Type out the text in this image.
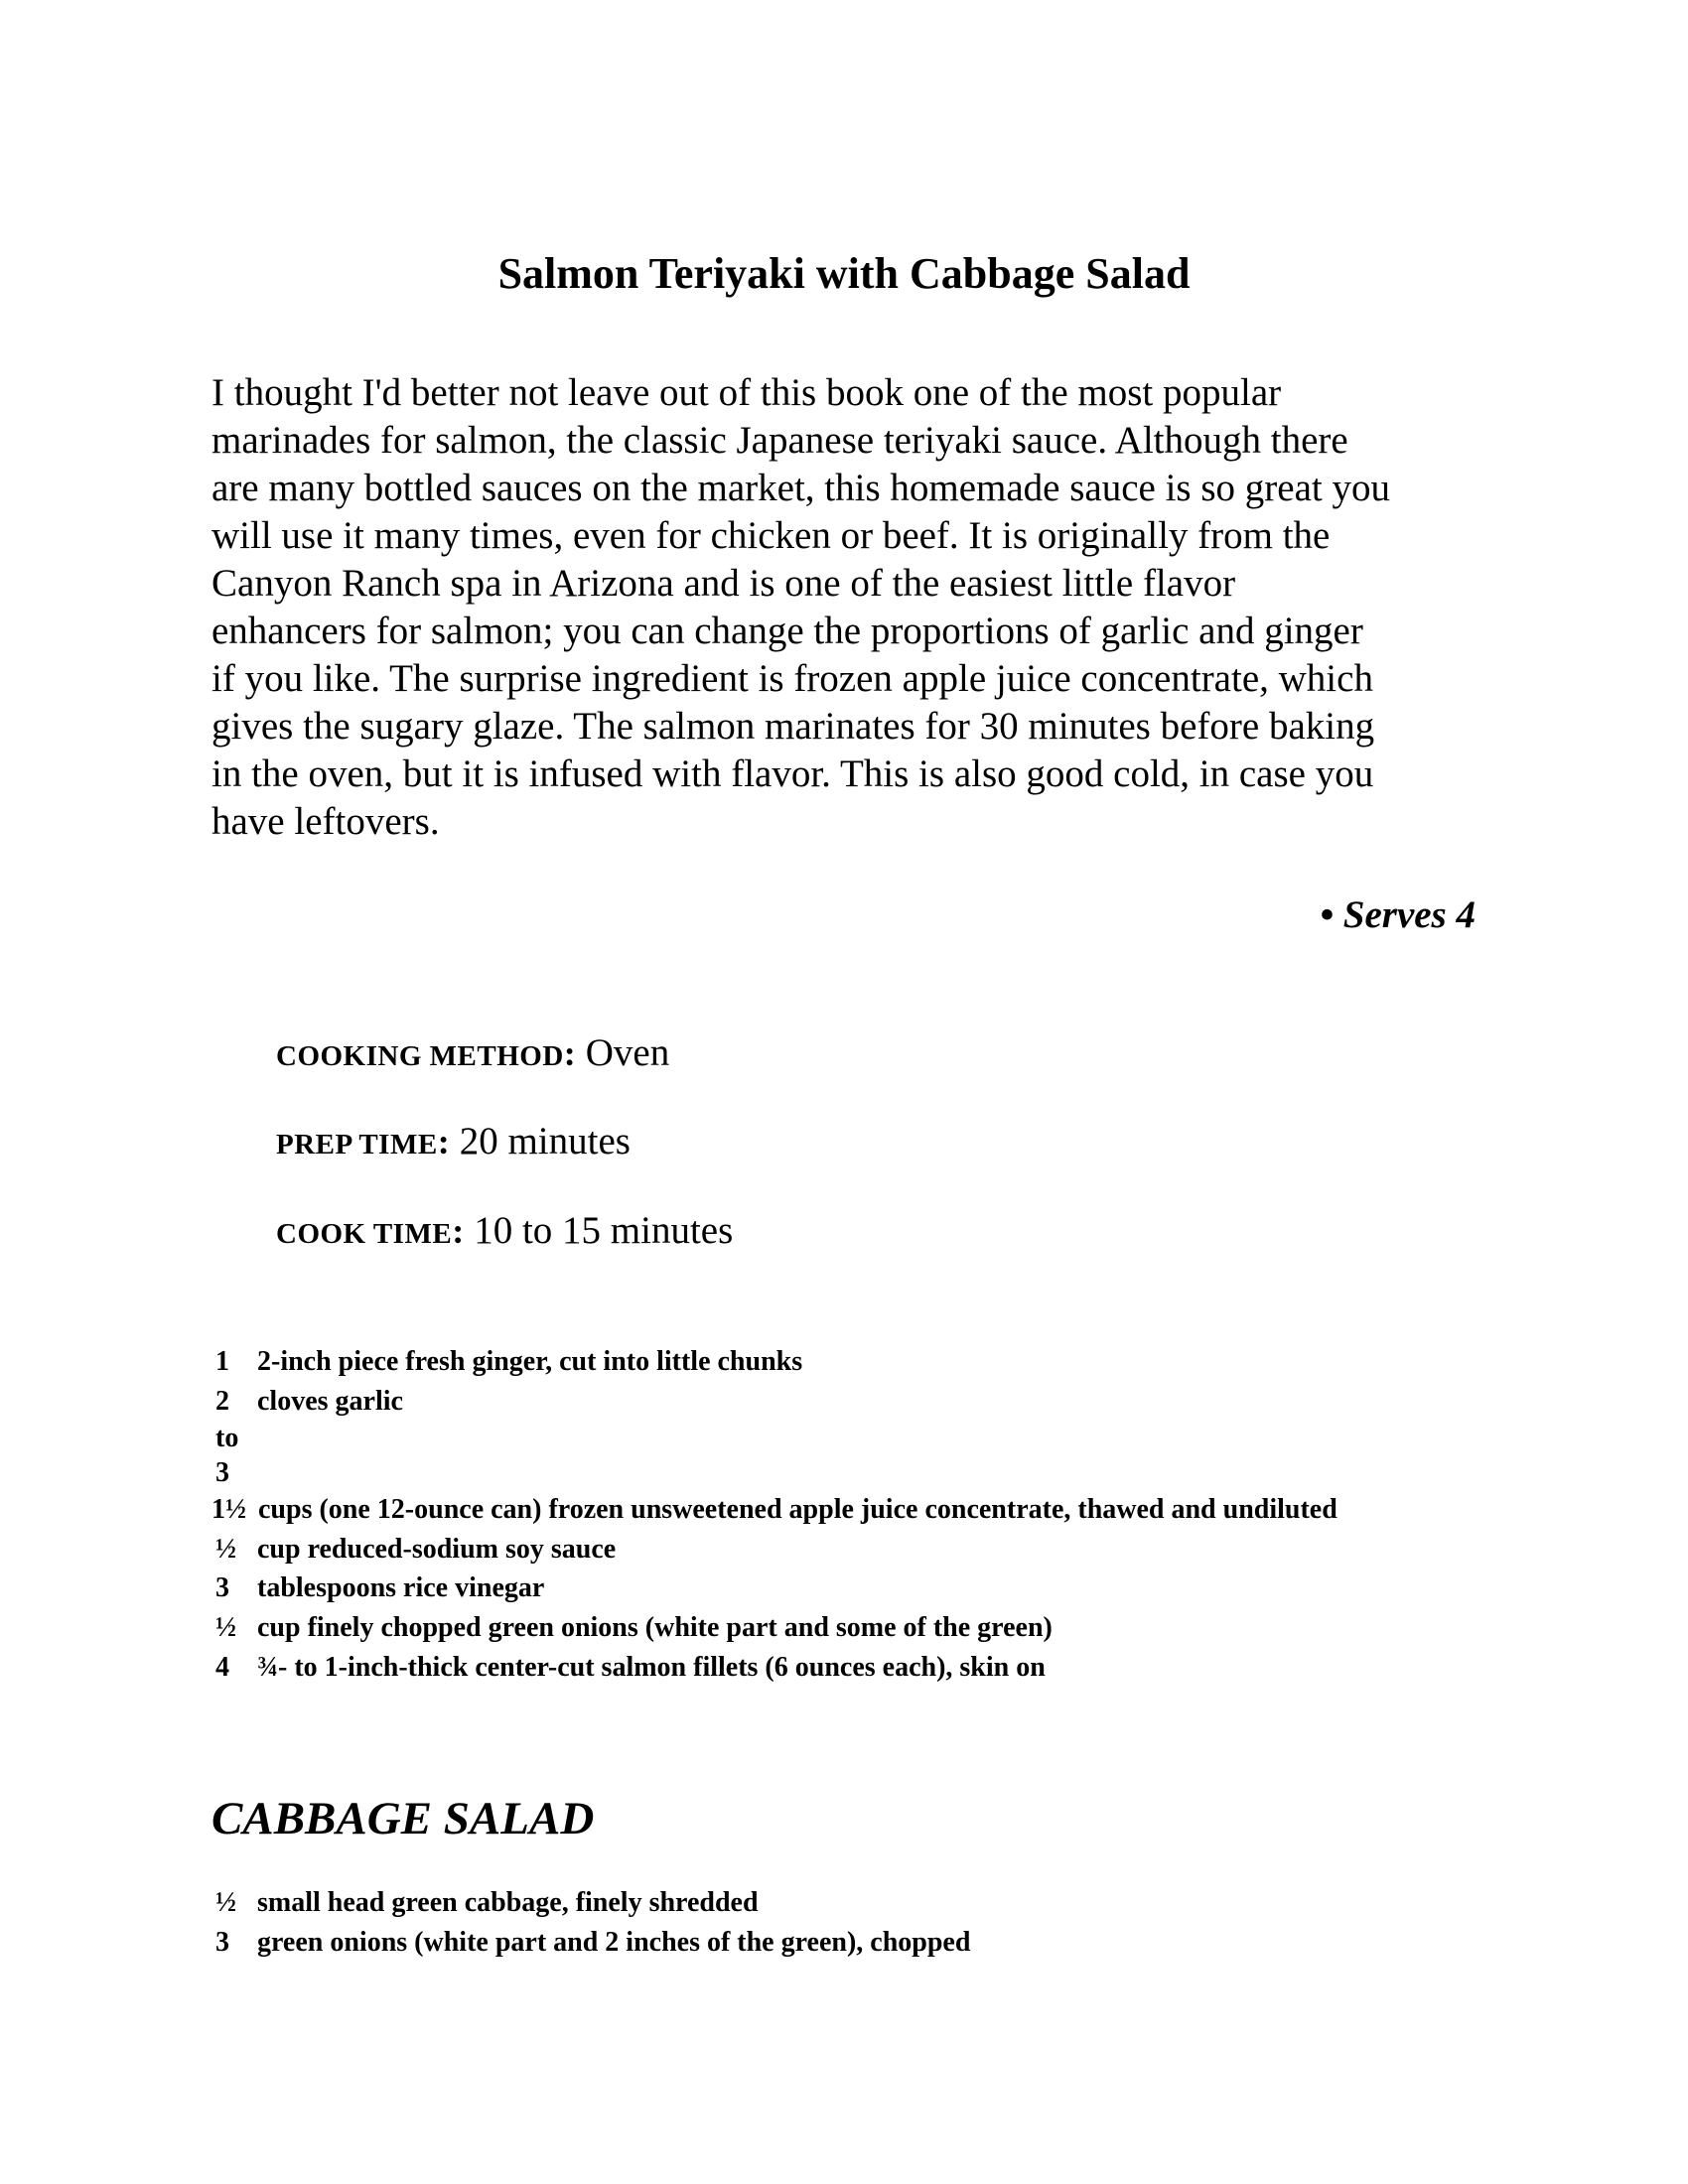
Salmon Teriyaki with Cabbage Salad
I thought I'd better not leave out of this book one of the most popular
marinades for salmon, the classic Japanese teriyaki sauce. Although there
are many bottled sauces on the market, this homemade sauce is so great you
will use it many times, even for chicken or beef. It is originally from the
Canyon Ranch spa in Arizona and is one of the easiest little flavor
enhancers for salmon; you can change the proportions of garlic and ginger
if you like. The surprise ingredient is frozen apple juice concentrate, which
gives the sugary glaze. The salmon marinates for 30 minutes before baking
in the oven, but it is infused with flavor. This is also good cold, in case you
have leftovers.
• Serves 4
COOKING METHOD: Oven
PREP TIME: 20 minutes
COOK TIME: 10 to 15 minutes
1 2-inch piece fresh ginger, cut into little chunks
2 cloves garlic
to
3
1½ cups (one 12-ounce can) frozen unsweetened apple juice concentrate, thawed and undiluted
½ cup reduced-sodium soy sauce
3 tablespoons rice vinegar
½ cup finely chopped green onions (white part and some of the green)
4 ¾- to 1-inch-thick center-cut salmon fillets (6 ounces each), skin on
CABBAGE SALAD
½ small head green cabbage, finely shredded
3 green onions (white part and 2 inches of the green), chopped
